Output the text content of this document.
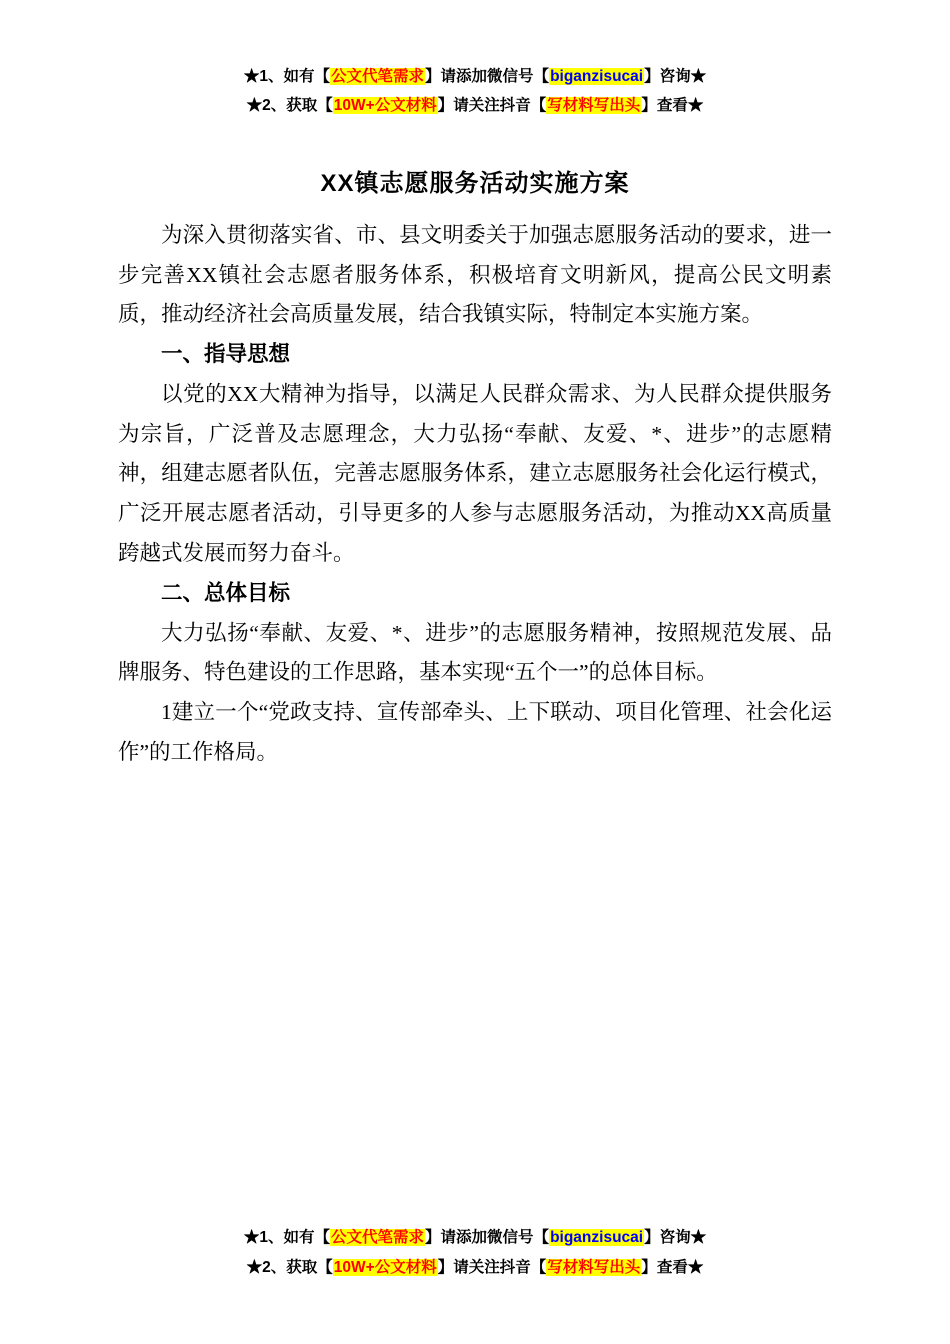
★1、如有【公文代笔需求】请添加微信号【biganzisucai】咨询★
★2、获取【10W+公文材料】请关注抖音【写材料写出头】查看★
XX镇志愿服务活动实施方案

为深入贯彻落实省、市、县文明委关于加强志愿服务活动的要求，进一步完善XX镇社会志愿者服务体系，积极培育文明新风，提高公民文明素质，推动经济社会高质量发展，结合我镇实际，特制定本实施方案。

一、指导思想

以党的XX大精神为指导，以满足人民群众需求、为人民群众提供服务为宗旨，广泛普及志愿理念，大力弘扬“奉献、友爱、*、进步”的志愿精神，组建志愿者队伍，完善志愿服务体系，建立志愿服务社会化运行模式，广泛开展志愿者活动，引导更多的人参与志愿服务活动，为推动XX高质量跨越式发展而努力奋斗。

二、总体目标

大力弘扬“奉献、友爱、*、进步”的志愿服务精神，按照规范发展、品牌服务、特色建设的工作思路，基本实现“五个一”的总体目标。

1建立一个“党政支持、宣传部牵头、上下联动、项目化管理、社会化运作”的工作格局。

★1、如有【公文代笔需求】请添加微信号【biganzisucai】咨询★
★2、获取【10W+公文材料】请关注抖音【写材料写出头】查看★
